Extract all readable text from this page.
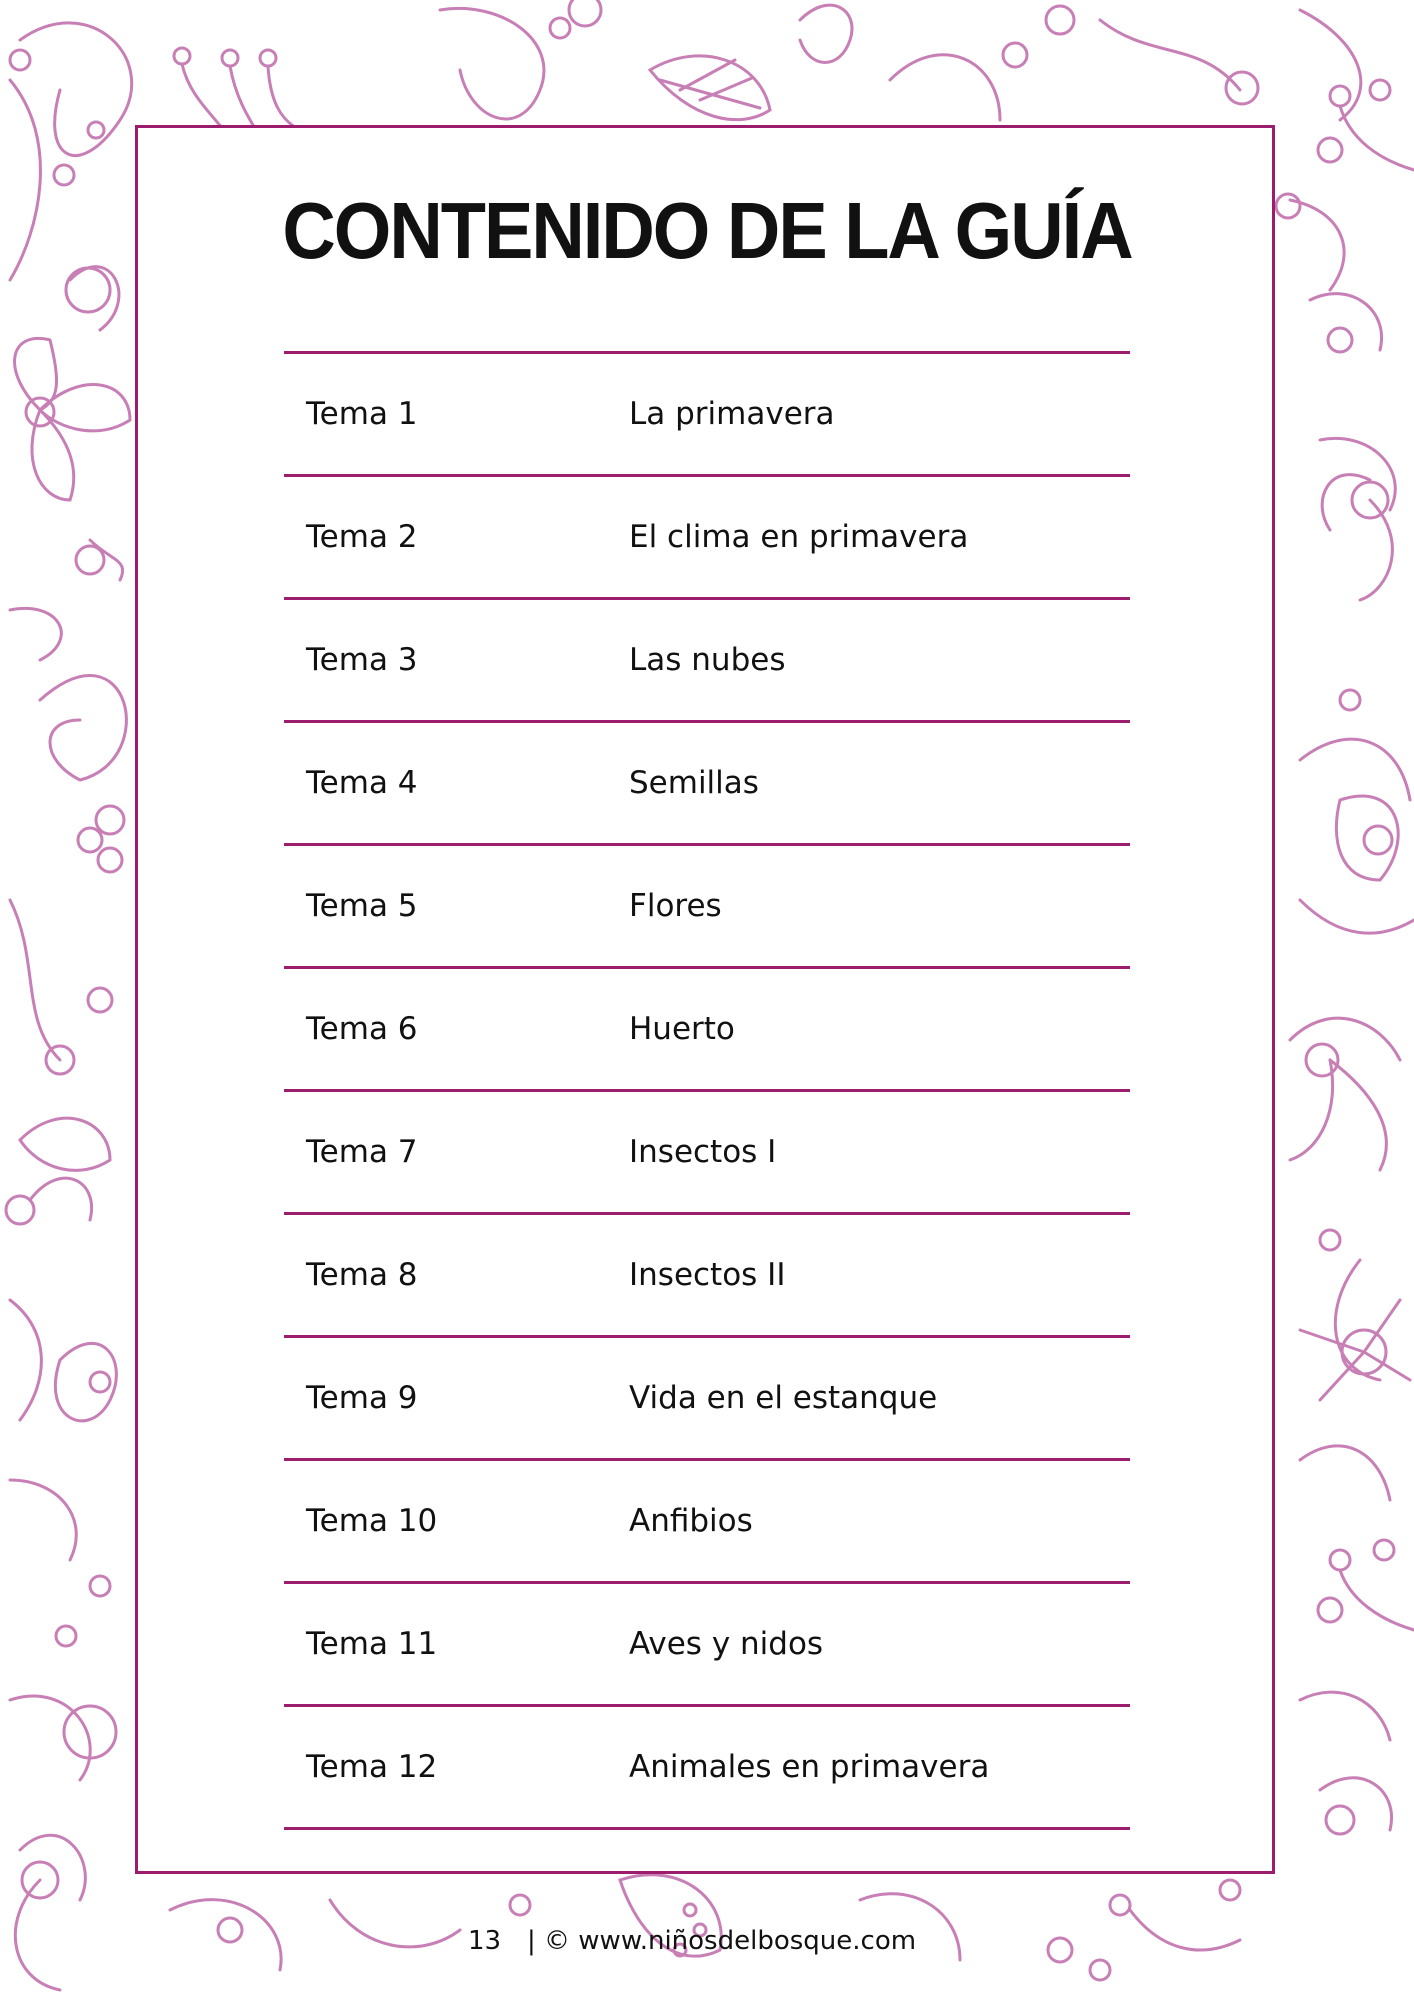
CONTENIDO DE LA GUÍA
Tema 1	La primavera
Tema 2	El clima en primavera
Tema 3	Las nubes
Tema 4	Semillas
Tema 5	Flores
Tema 6	Huerto
Tema 7	Insectos I
Tema 8	Insectos II
Tema 9	Vida en el estanque
Tema 10	Anfibios
Tema 11	Aves y nidos
Tema 12	Animales en primavera
13 | © www.niñosdelbosque.com
